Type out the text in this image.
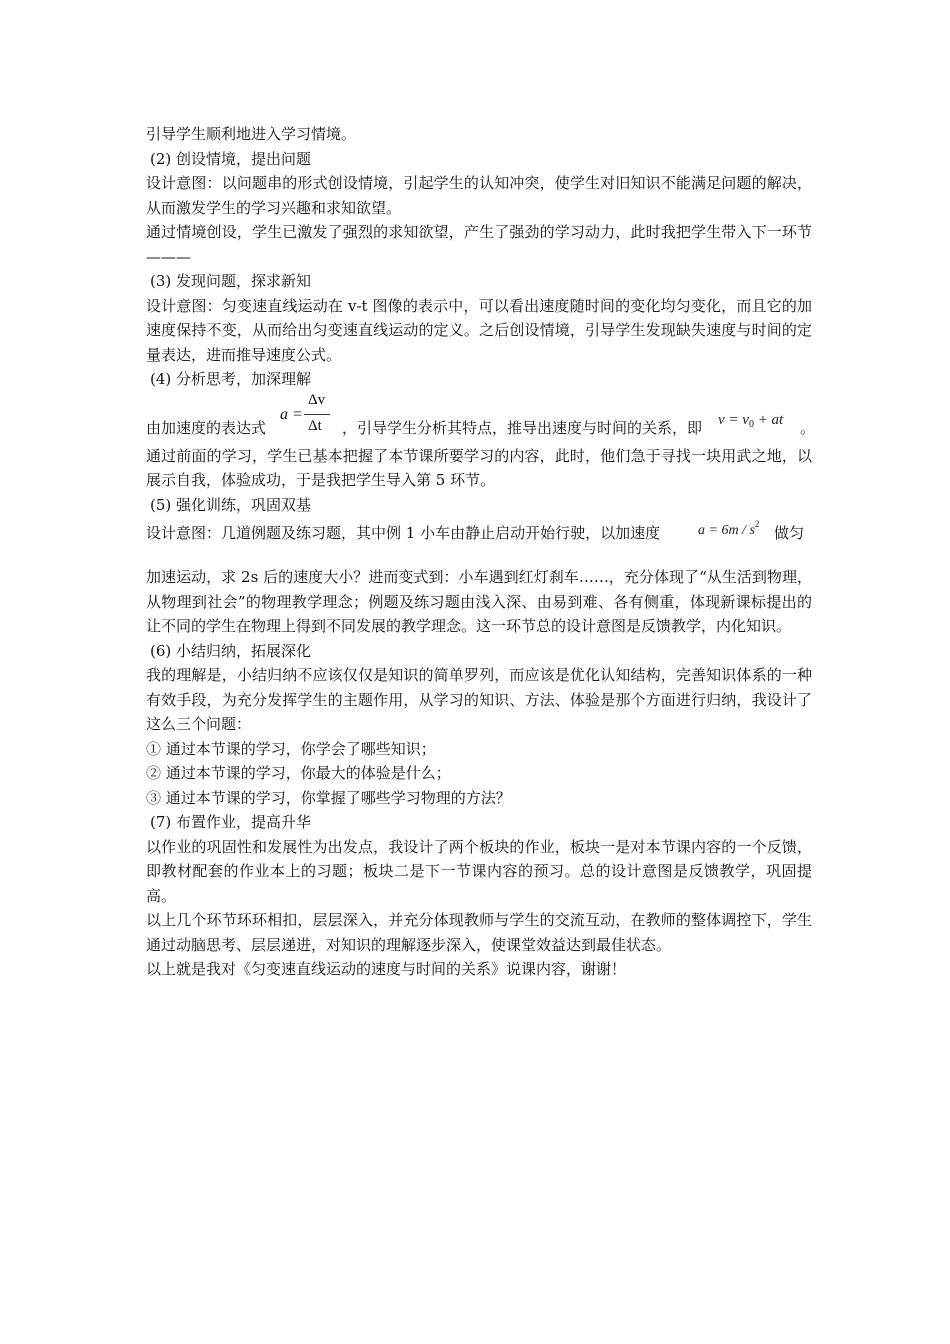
引导学生顺利地进入学习情境。

(2) 创设情境，提出问题

设计意图：以问题串的形式创设情境，引起学生的认知冲突，使学生对旧知识不能满足问题的解决，从而激发学生的学习兴趣和求知欲望。

通过情境创设，学生已激发了强烈的求知欲望，产生了强劲的学习动力，此时我把学生带入下一环节———

(3) 发现问题，探求新知

设计意图：匀变速直线运动在 v-t 图像的表示中，可以看出速度随时间的变化均匀变化，而且它的加速度保持不变，从而给出匀变速直线运动的定义。之后创设情境，引导学生发现缺失速度与时间的定量表达，进而推导速度公式。

(4) 分析思考，加深理解

由加速度的表达式
a =
Δv
Δt ，引导学生分析其特点，推导出速度与时间的关系，即 $v = v_0$ + at 。

通过前面的学习，学生已基本把握了本节课所要学习的内容，此时，他们急于寻找一块用武之地，以展示自我，体验成功，于是我把学生导入第 5 环节。

(5) 强化训练，巩固双基

设计意图：几道例题及练习题，其中例 1 小车由静止启动开始行驶，以加速度	$a = 6m / s^2$ 做匀

加速运动，求 2s 后的速度大小？进而变式到：小车遇到红灯刹车……，充分体现了“从生活到物理，从物理到社会”的物理教学理念；例题及练习题由浅入深、由易到难、各有侧重，体现新课标提出的让不同的学生在物理上得到不同发展的教学理念。这一环节总的设计意图是反馈教学，内化知识。

(6) 小结归纳，拓展深化

我的理解是，小结归纳不应该仅仅是知识的简单罗列，而应该是优化认知结构，完善知识体系的一种有效手段，为充分发挥学生的主题作用，从学习的知识、方法、体验是那个方面进行归纳，我设计了这么三个问题：

① 通过本节课的学习，你学会了哪些知识；

② 通过本节课的学习，你最大的体验是什么；

③ 通过本节课的学习，你掌握了哪些学习物理的方法？

(7) 布置作业，提高升华

以作业的巩固性和发展性为出发点，我设计了两个板块的作业，板块一是对本节课内容的一个反馈，即教材配套的作业本上的习题；板块二是下一节课内容的预习。总的设计意图是反馈教学，巩固提高。

以上几个环节环环相扣，层层深入，并充分体现教师与学生的交流互动，在教师的整体调控下，学生通过动脑思考、层层递进，对知识的理解逐步深入，使课堂效益达到最佳状态。

以上就是我对《匀变速直线运动的速度与时间的关系》说课内容，谢谢！
